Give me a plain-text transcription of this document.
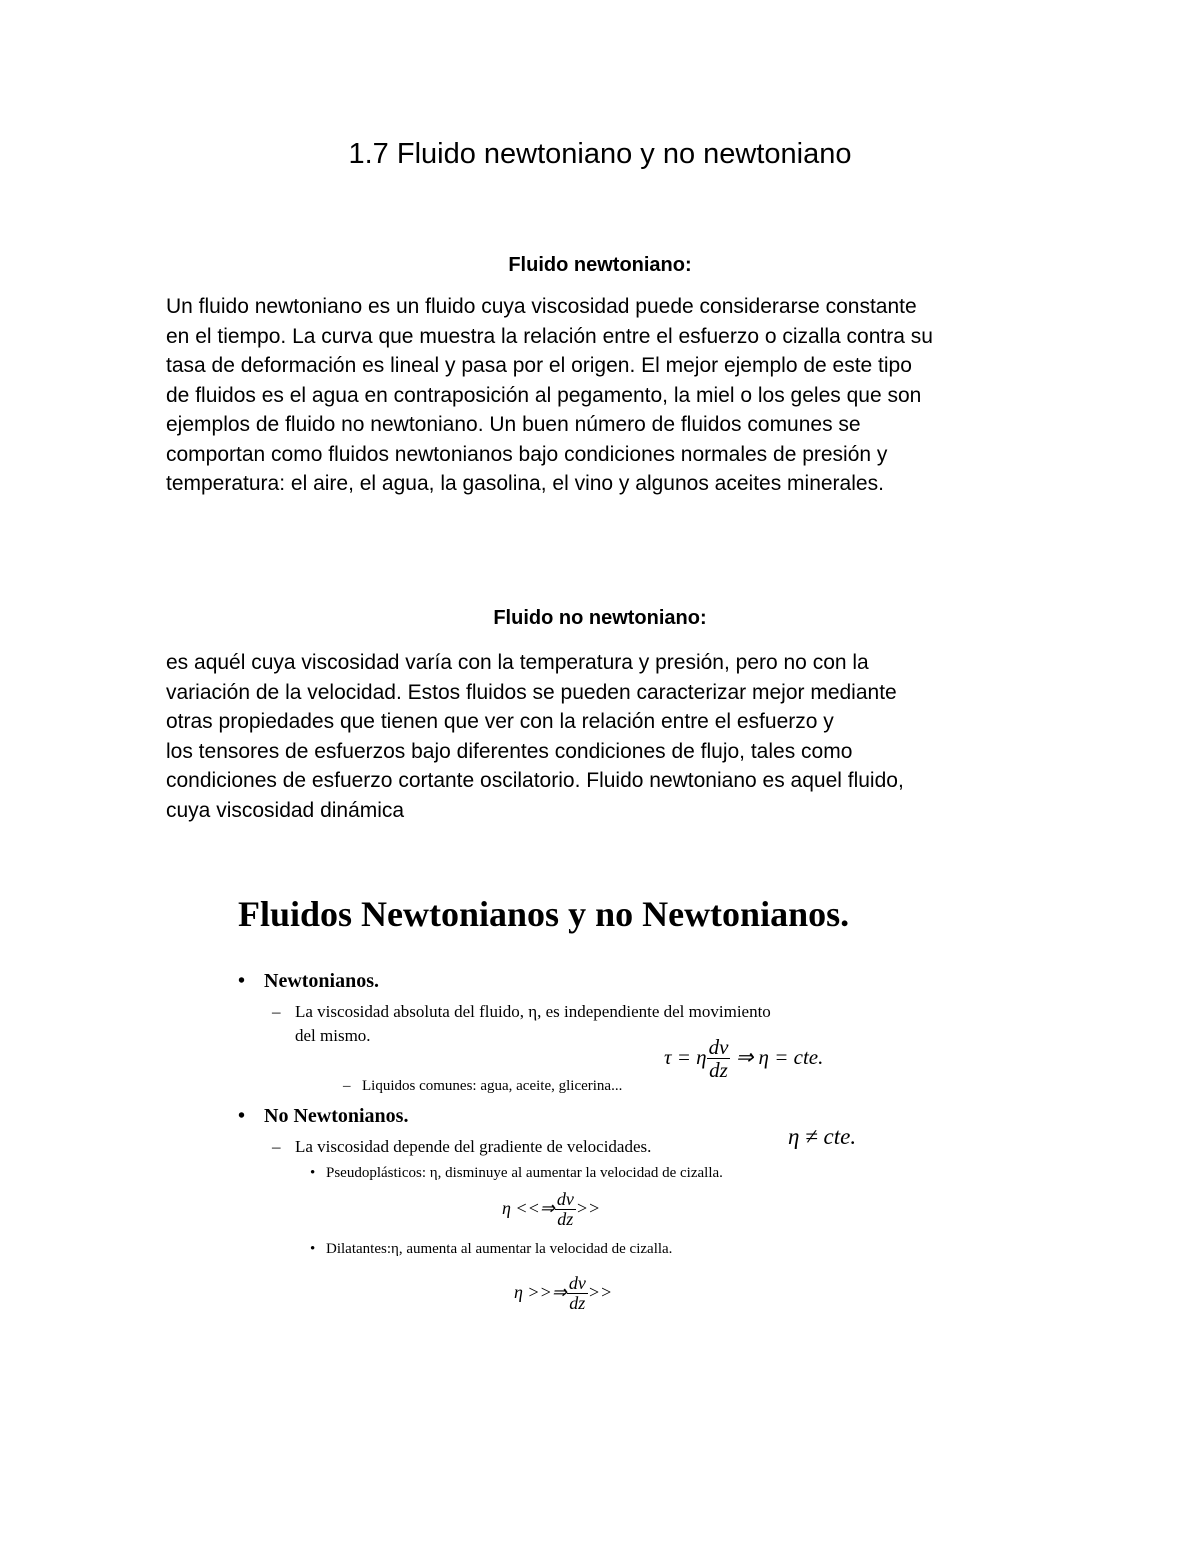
1.7 Fluido newtoniano y no newtoniano
Fluido newtoniano:
Un fluido newtoniano es un fluido cuya viscosidad puede considerarse constante
en el tiempo. La curva que muestra la relación entre el esfuerzo o cizalla contra su
tasa de deformación es lineal y pasa por el origen. El mejor ejemplo de este tipo
de fluidos es el agua en contraposición al pegamento, la miel o los geles que son
ejemplos de fluido no newtoniano. Un buen número de fluidos comunes se
comportan como fluidos newtonianos bajo condiciones normales de presión y
temperatura: el aire, el agua, la gasolina, el vino y algunos aceites minerales.
Fluido no newtoniano:
es aquél cuya viscosidad varía con la temperatura y presión, pero no con la
variación de la velocidad. Estos fluidos se pueden caracterizar mejor mediante
otras propiedades que tienen que ver con la relación entre el esfuerzo y
los tensores de esfuerzos bajo diferentes condiciones de flujo, tales como
condiciones de esfuerzo cortante oscilatorio. Fluido newtoniano es aquel fluido,
cuya viscosidad dinámica
Fluidos Newtonianos y no Newtonianos.
• Newtonianos.
– La viscosidad absoluta del fluido, η, es independiente del movimiento
del mismo.
– Liquidos comunes: agua, aceite, glicerina...
τ = η $\frac{dv}{dz}$ ⇒ η = cte.
• No Newtonianos.
– La viscosidad depende del gradiente de velocidades.	η ≠ cte.
• Pseudoplásticos: η, disminuye al aumentar la velocidad de cizalla.
η <<⇒ $\frac{dv}{dz}$ >>
• Dilatantes:η, aumenta al aumentar la velocidad de cizalla.
η >>⇒ $\frac{dv}{dz}$ >>
